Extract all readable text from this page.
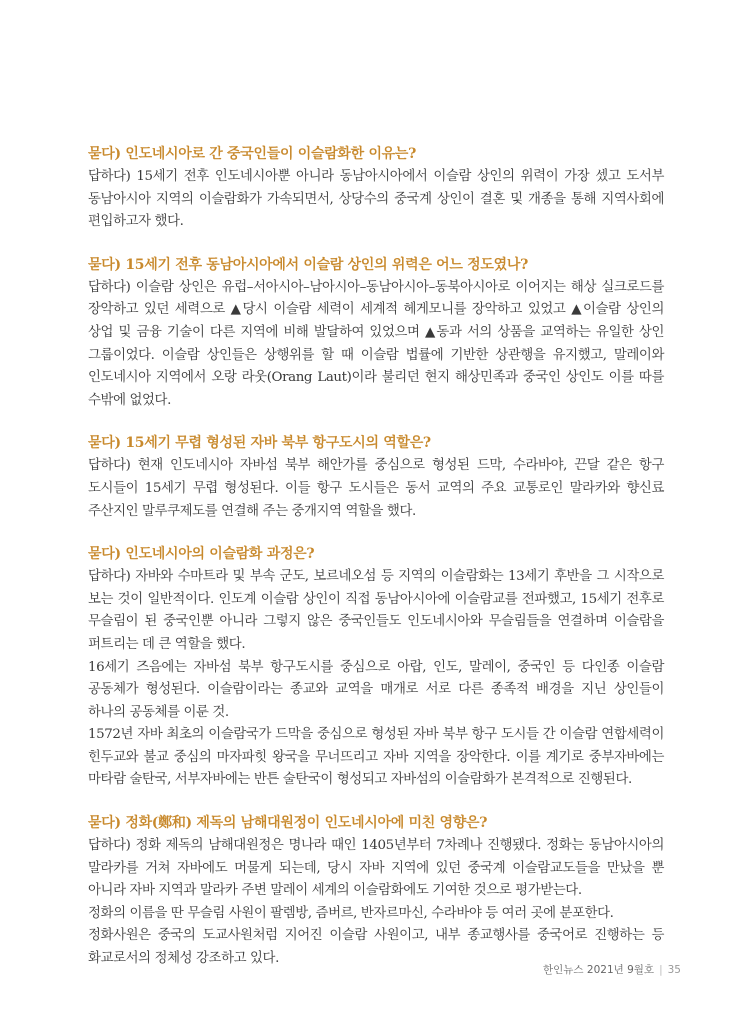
묻다) 인도네시아로 간 중국인들이 이슬람화한 이유는?

답하다) 15세기 전후 인도네시아뿐 아니라 동남아시아에서 이슬람 상인의 위력이 가장 셌고 도서부 동남아시아 지역의 이슬람화가 가속되면서, 상당수의 중국계 상인이 결혼 및 개종을 통해 지역사회에 편입하고자 했다.

묻다) 15세기 전후 동남아시아에서 이슬람 상인의 위력은 어느 정도였나?

답하다) 이슬람 상인은 유럽–서아시아–남아시아–동남아시아–동북아시아로 이어지는 해상 실크로드를 장악하고 있던 세력으로 ▲당시 이슬람 세력이 세계적 헤게모니를 장악하고 있었고 ▲이슬람 상인의 상업 및 금융 기술이 다른 지역에 비해 발달하여 있었으며 ▲동과 서의 상품을 교역하는 유일한 상인 그룹이었다. 이슬람 상인들은 상행위를 할 때 이슬람 법률에 기반한 상관행을 유지했고, 말레이와 인도네시아 지역에서 오랑 라웃(Orang Laut)이라 불리던 현지 해상민족과 중국인 상인도 이를 따를 수밖에 없었다.

묻다) 15세기 무렵 형성된 자바 북부 항구도시의 역할은?

답하다) 현재 인도네시아 자바섬 북부 해안가를 중심으로 형성된 드막, 수라바야, 끈달 같은 항구 도시들이 15세기 무렵 형성된다. 이들 항구 도시들은 동서 교역의 주요 교통로인 말라카와 향신료 주산지인 말루쿠제도를 연결해 주는 중개지역 역할을 했다.

묻다) 인도네시아의 이슬람화 과정은?

답하다) 자바와 수마트라 및 부속 군도, 보르네오섬 등 지역의 이슬람화는 13세기 후반을 그 시작으로 보는 것이 일반적이다. 인도계 이슬람 상인이 직접 동남아시아에 이슬람교를 전파했고, 15세기 전후로 무슬림이 된 중국인뿐 아니라 그렇지 않은 중국인들도 인도네시아와 무슬림들을 연결하며 이슬람을 퍼트리는 데 큰 역할을 했다.

16세기 즈음에는 자바섬 북부 항구도시를 중심으로 아랍, 인도, 말레이, 중국인 등 다인종 이슬람 공동체가 형성된다. 이슬람이라는 종교와 교역을 매개로 서로 다른 종족적 배경을 지닌 상인들이 하나의 공동체를 이룬 것.

1572년 자바 최초의 이슬람국가 드막을 중심으로 형성된 자바 북부 항구 도시들 간 이슬람 연합세력이 힌두교와 불교 중심의 마자파힛 왕국을 무너뜨리고 자바 지역을 장악한다. 이를 계기로 중부자바에는 마타람 술탄국, 서부자바에는 반튼 술탄국이 형성되고 자바섬의 이슬람화가 본격적으로 진행된다.

묻다) 정화(鄭和) 제독의 남해대원정이 인도네시아에 미친 영향은?

답하다) 정화 제독의 남해대원정은 명나라 때인 1405년부터 7차례나 진행됐다. 정화는 동남아시아의 말라카를 거쳐 자바에도 머물게 되는데, 당시 자바 지역에 있던 중국계 이슬람교도들을 만났을 뿐 아니라 자바 지역과 말라카 주변 말레이 세계의 이슬람화에도 기여한 것으로 평가받는다.

정화의 이름을 딴 무슬림 사원이 팔렘방, 즘버르, 반자르마신, 수라바야 등 여러 곳에 분포한다.

정화사원은 중국의 도교사원처럼 지어진 이슬람 사원이고, 내부 종교행사를 중국어로 진행하는 등 화교로서의 정체성 강조하고 있다.

한인뉴스 2021년 9월호 | 35
